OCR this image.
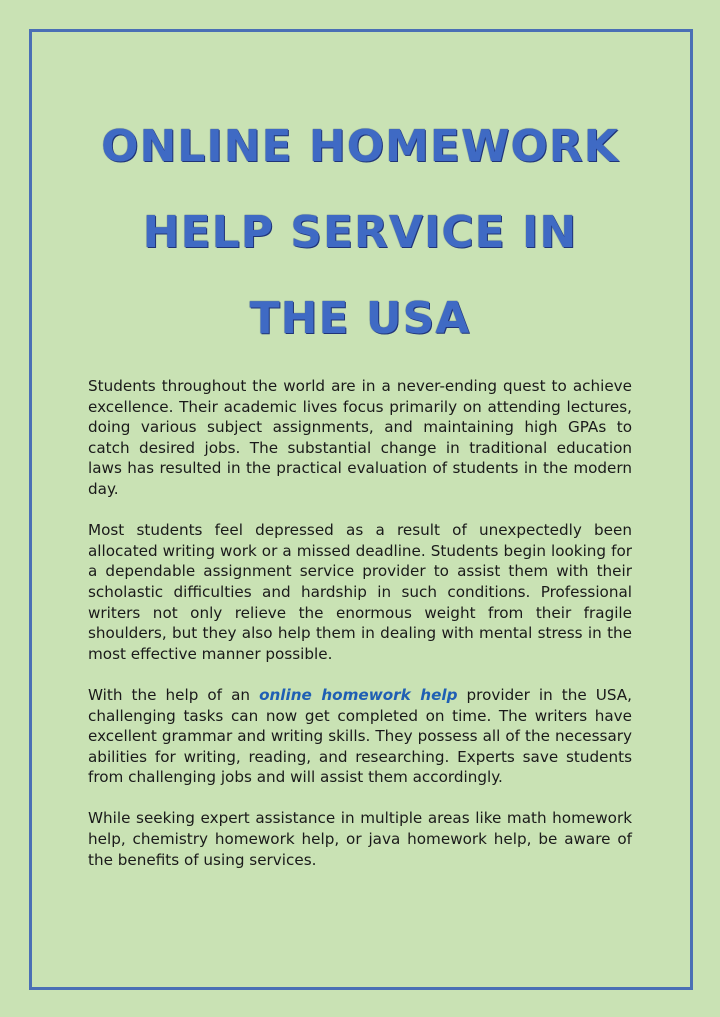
ONLINE HOMEWORK
HELP SERVICE IN
THE USA

Students throughout the world are in a never-ending quest to achieve excellence. Their academic lives focus primarily on attending lectures, doing various subject assignments, and maintaining high GPAs to catch desired jobs. The substantial change in traditional education laws has resulted in the practical evaluation of students in the modern day.

Most students feel depressed as a result of unexpectedly been allocated writing work or a missed deadline. Students begin looking for a dependable assignment service provider to assist them with their scholastic difficulties and hardship in such conditions. Professional writers not only relieve the enormous weight from their fragile shoulders, but they also help them in dealing with mental stress in the most effective manner possible.

With the help of an online homework help provider in the USA, challenging tasks can now get completed on time. The writers have excellent grammar and writing skills. They possess all of the necessary abilities for writing, reading, and researching. Experts save students from challenging jobs and will assist them accordingly.

While seeking expert assistance in multiple areas like math homework help, chemistry homework help, or java homework help, be aware of the benefits of using services.
